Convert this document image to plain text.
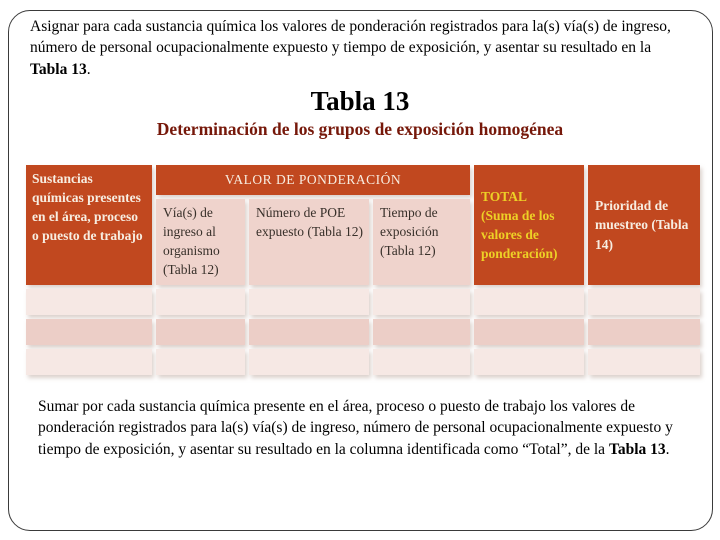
Asignar para cada sustancia química los valores de ponderación registrados para la(s) vía(s) de ingreso, número de personal ocupacionalmente expuesto y tiempo de exposición, y asentar su resultado en la Tabla 13.

Tabla 13
Determinación de los grupos de exposición homogénea
Sustancias químicas presentes en el área, proceso o puesto de trabajo
VALOR DE PONDERACIÓN
TOTAL
(Suma de los valores de ponderación)
Prioridad de muestreo (Tabla 14)
Vía(s) de ingreso al organismo (Tabla 12)
Número de POE expuesto (Tabla 12)
Tiempo de exposición (Tabla 12)

Sumar por cada sustancia química presente en el área, proceso o puesto de trabajo los valores de ponderación registrados para la(s) vía(s) de ingreso, número de personal ocupacionalmente expuesto y tiempo de exposición, y asentar su resultado en la columna identificada como “Total”, de la Tabla 13.
